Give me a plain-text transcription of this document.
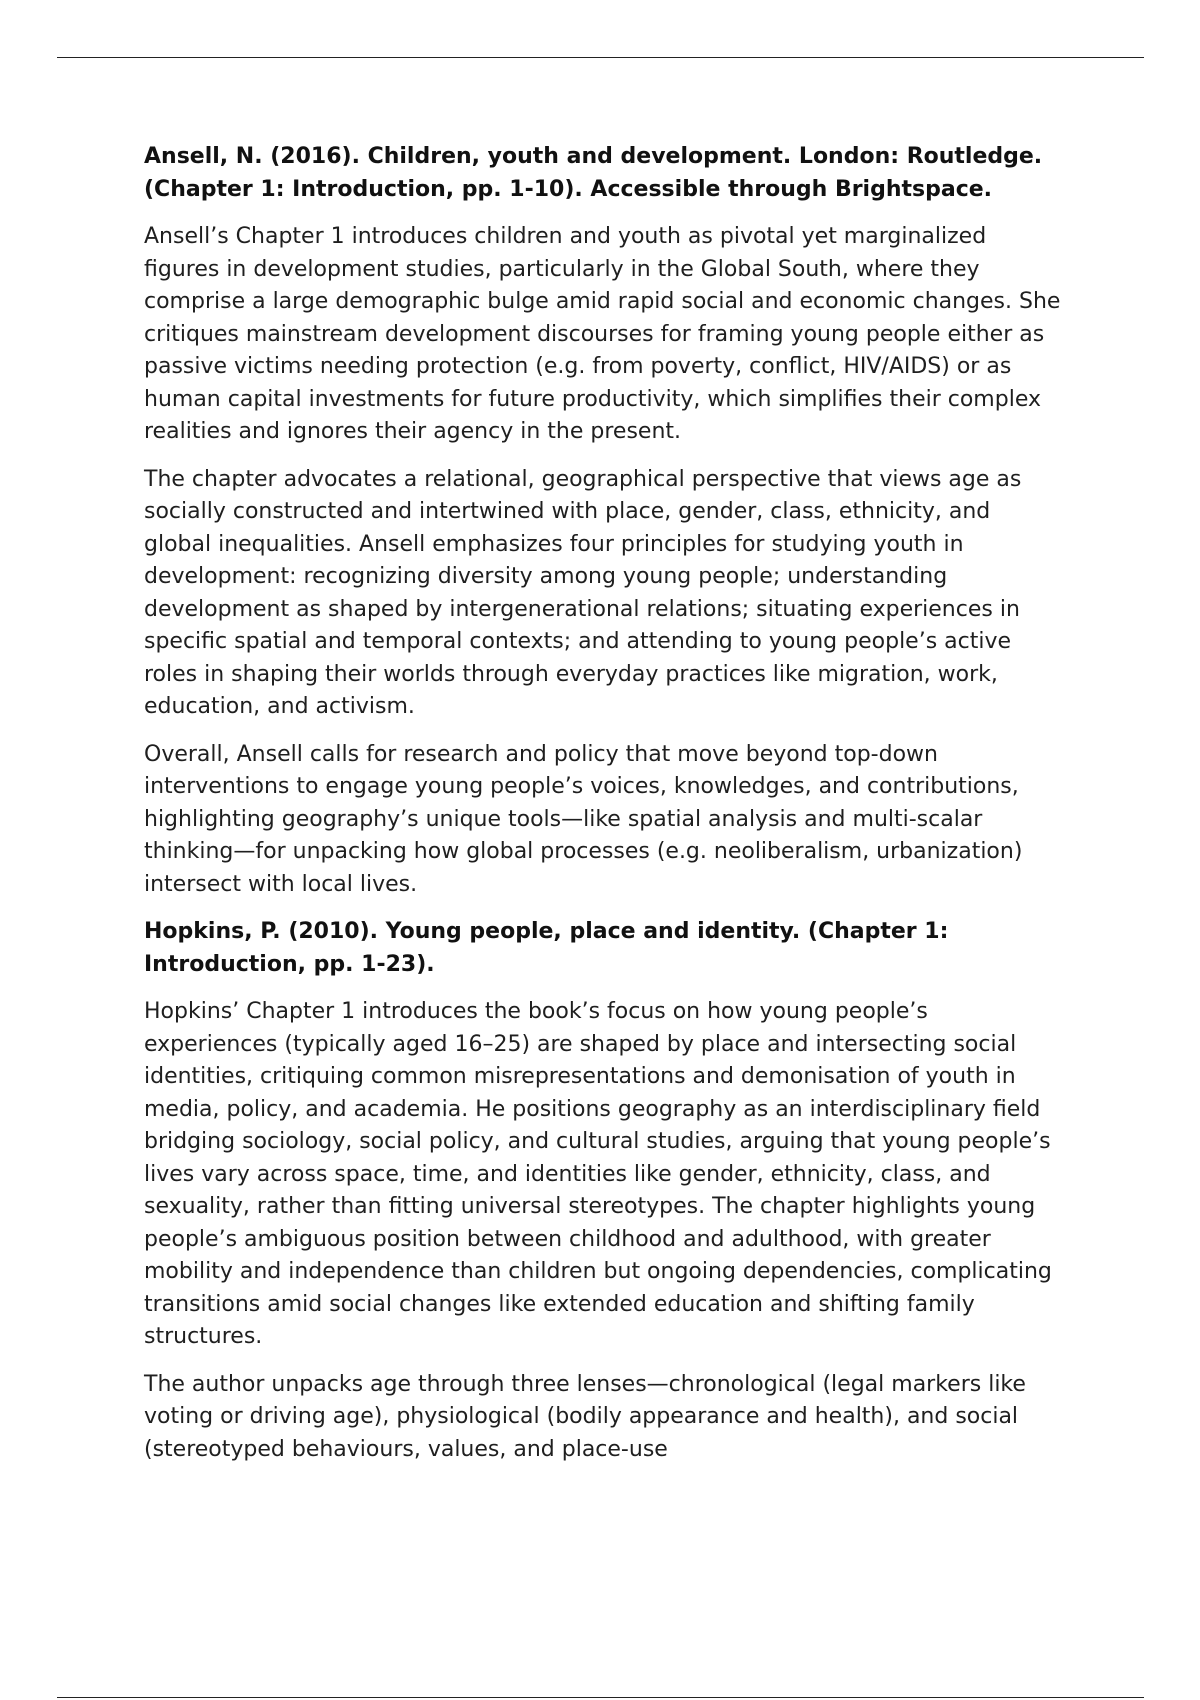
Ansell, N. (2016). Children, youth and development. London: Routledge. (Chapter 1: Introduction, pp. 1-10). Accessible through Brightspace.

Ansell’s Chapter 1 introduces children and youth as pivotal yet marginalized figures in development studies, particularly in the Global South, where they comprise a large demographic bulge amid rapid social and economic changes. She critiques mainstream development discourses for framing young people either as passive victims needing protection (e.g. from poverty, conflict, HIV/AIDS) or as human capital investments for future productivity, which simplifies their complex realities and ignores their agency in the present.

The chapter advocates a relational, geographical perspective that views age as socially constructed and intertwined with place, gender, class, ethnicity, and global inequalities. Ansell emphasizes four principles for studying youth in development: recognizing diversity among young people; understanding development as shaped by intergenerational relations; situating experiences in specific spatial and temporal contexts; and attending to young people’s active roles in shaping their worlds through everyday practices like migration, work, education, and activism.

Overall, Ansell calls for research and policy that move beyond top-down interventions to engage young people’s voices, knowledges, and contributions, highlighting geography’s unique tools—like spatial analysis and multi-scalar thinking—for unpacking how global processes (e.g. neoliberalism, urbanization) intersect with local lives.

Hopkins, P. (2010). Young people, place and identity. (Chapter 1: Introduction, pp. 1-23).

Hopkins’ Chapter 1 introduces the book’s focus on how young people’s experiences (typically aged 16–25) are shaped by place and intersecting social identities, critiquing common misrepresentations and demonisation of youth in media, policy, and academia. He positions geography as an interdisciplinary field bridging sociology, social policy, and cultural studies, arguing that young people’s lives vary across space, time, and identities like gender, ethnicity, class, and sexuality, rather than fitting universal stereotypes. The chapter highlights young people’s ambiguous position between childhood and adulthood, with greater mobility and independence than children but ongoing dependencies, complicating transitions amid social changes like extended education and shifting family structures.

The author unpacks age through three lenses—chronological (legal markers like voting or driving age), physiological (bodily appearance and health), and social (stereotyped behaviours, values, and place-use
